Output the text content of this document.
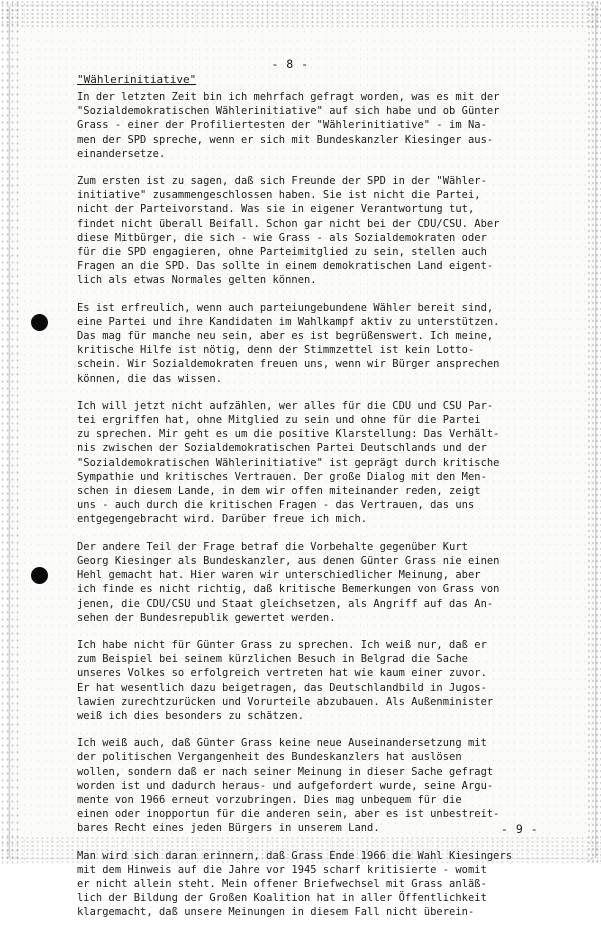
- 8 -
"Wählerinitiative"
In der letzten Zeit bin ich mehrfach gefragt worden, was es mit der
"Sozialdemokratischen Wählerinitiative" auf sich habe und ob Günter
Grass - einer der Profiliertesten der "Wählerinitiative" - im Na-
men der SPD spreche, wenn er sich mit Bundeskanzler Kiesinger aus-
einandersetze.
Zum ersten ist zu sagen, daß sich Freunde der SPD in der "Wähler-
initiative" zusammengeschlossen haben. Sie ist nicht die Partei,
nicht der Parteivorstand. Was sie in eigener Verantwortung tut,
findet nicht überall Beifall. Schon gar nicht bei der CDU/CSU. Aber
diese Mitbürger, die sich - wie Grass - als Sozialdemokraten oder
für die SPD engagieren, ohne Parteimitglied zu sein, stellen auch
Fragen an die SPD. Das sollte in einem demokratischen Land eigent-
lich als etwas Normales gelten können.
Es ist erfreulich, wenn auch parteiungebundene Wähler bereit sind,
eine Partei und ihre Kandidaten im Wahlkampf aktiv zu unterstützen.
Das mag für manche neu sein, aber es ist begrüßenswert. Ich meine,
kritische Hilfe ist nötig, denn der Stimmzettel ist kein Lotto-
schein. Wir Sozialdemokraten freuen uns, wenn wir Bürger ansprechen
können, die das wissen.
Ich will jetzt nicht aufzählen, wer alles für die CDU und CSU Par-
tei ergriffen hat, ohne Mitglied zu sein und ohne für die Partei
zu sprechen. Mir geht es um die positive Klarstellung: Das Verhält-
nis zwischen der Sozialdemokratischen Partei Deutschlands und der
"Sozialdemokratischen Wählerinitiative" ist geprägt durch kritische
Sympathie und kritisches Vertrauen. Der große Dialog mit den Men-
schen in diesem Lande, in dem wir offen miteinander reden, zeigt
uns - auch durch die kritischen Fragen - das Vertrauen, das uns
entgegengebracht wird. Darüber freue ich mich.
Der andere Teil der Frage betraf die Vorbehalte gegenüber Kurt
Georg Kiesinger als Bundeskanzler, aus denen Günter Grass nie einen
Hehl gemacht hat. Hier waren wir unterschiedlicher Meinung, aber
ich finde es nicht richtig, daß kritische Bemerkungen von Grass von
jenen, die CDU/CSU und Staat gleichsetzen, als Angriff auf das An-
sehen der Bundesrepublik gewertet werden.
Ich habe nicht für Günter Grass zu sprechen. Ich weiß nur, daß er
zum Beispiel bei seinem kürzlichen Besuch in Belgrad die Sache
unseres Volkes so erfolgreich vertreten hat wie kaum einer zuvor.
Er hat wesentlich dazu beigetragen, das Deutschlandbild in Jugos-
lawien zurechtzurücken und Vorurteile abzubauen. Als Außenminister
weiß ich dies besonders zu schätzen.
Ich weiß auch, daß Günter Grass keine neue Auseinandersetzung mit
der politischen Vergangenheit des Bundeskanzlers hat auslösen
wollen, sondern daß er nach seiner Meinung in dieser Sache gefragt
worden ist und dadurch heraus- und aufgefordert wurde, seine Argu-
mente von 1966 erneut vorzubringen. Dies mag unbequem für die
einen oder inopportun für die anderen sein, aber es ist unbestreit-
bares Recht eines jeden Bürgers in unserem Land.
Man wird sich daran erinnern, daß Grass Ende 1966 die Wahl Kiesingers
mit dem Hinweis auf die Jahre vor 1945 scharf kritisierte - womit
er nicht allein steht. Mein offener Briefwechsel mit Grass anläß-
lich der Bildung der Großen Koalition hat in aller Öffentlichkeit
klargemacht, daß unsere Meinungen in diesem Fall nicht überein-
- 9 -
